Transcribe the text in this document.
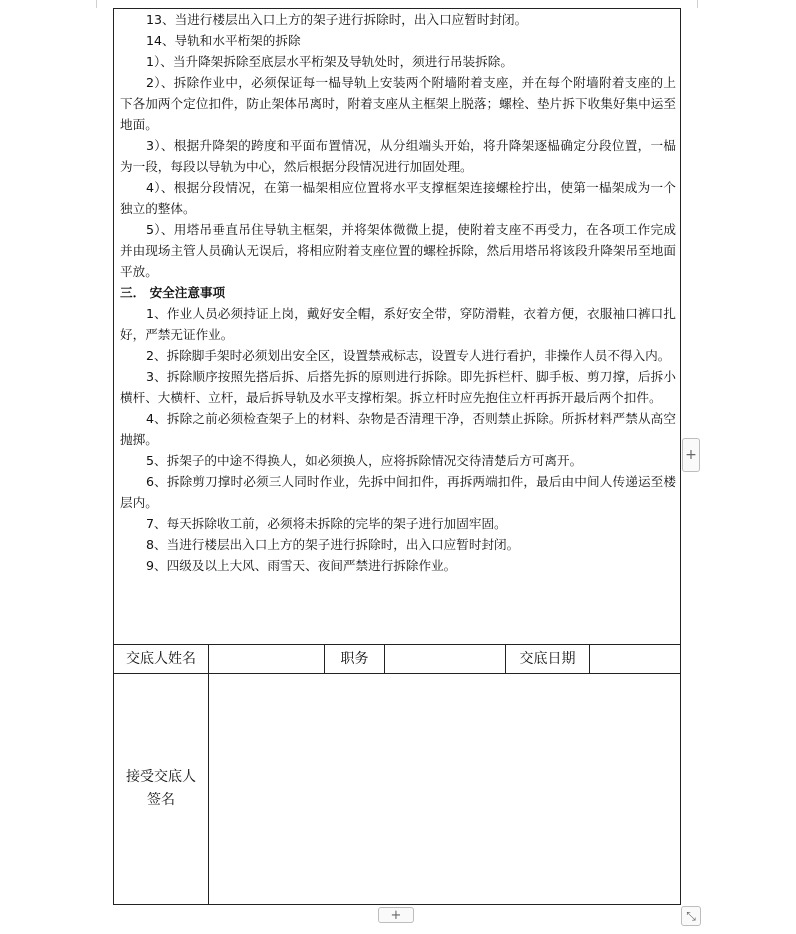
13、当进行楼层出入口上方的架子进行拆除时，出入口应暂时封闭。

14、导轨和水平桁架的拆除

1）、当升降架拆除至底层水平桁架及导轨处时，须进行吊装拆除。

2）、拆除作业中，必须保证每一榀导轨上安装两个附墙附着支座，并在每个附墙附着支座的上下各加两个定位扣件，防止架体吊离时，附着支座从主框架上脱落；螺栓、垫片拆下收集好集中运至地面。

3）、根据升降架的跨度和平面布置情况，从分组端头开始，将升降架逐榀确定分段位置，一榀为一段，每段以导轨为中心，然后根据分段情况进行加固处理。

4）、根据分段情况，在第一榀架相应位置将水平支撑框架连接螺栓拧出，使第一榀架成为一个独立的整体。

5）、用塔吊垂直吊住导轨主框架，并将架体微微上提，使附着支座不再受力，在各项工作完成并由现场主管人员确认无误后，将相应附着支座位置的螺栓拆除，然后用塔吊将该段升降架吊至地面平放。

三． 安全注意事项

1、作业人员必须持证上岗，戴好安全帽，系好安全带，穿防滑鞋，衣着方便，衣服袖口裤口扎好，严禁无证作业。

2、拆除脚手架时必须划出安全区，设置禁戒标志，设置专人进行看护，非操作人员不得入内。

3、拆除顺序按照先搭后拆、后搭先拆的原则进行拆除。即先拆栏杆、脚手板、剪刀撑，后拆小横杆、大横杆、立杆，最后拆导轨及水平支撑桁架。拆立杆时应先抱住立杆再拆开最后两个扣件。

4、拆除之前必须检查架子上的材料、杂物是否清理干净，否则禁止拆除。所拆材料严禁从高空抛掷。

5、拆架子的中途不得换人，如必须换人，应将拆除情况交待清楚后方可离开。

6、拆除剪刀撑时必须三人同时作业，先拆中间扣件，再拆两端扣件，最后由中间人传递运至楼层内。

7、每天拆除收工前，必须将未拆除的完毕的架子进行加固牢固。

8、当进行楼层出入口上方的架子进行拆除时，出入口应暂时封闭。

9、四级及以上大风、雨雪天、夜间严禁进行拆除作业。

交底人姓名	职务	交底日期
接受交底人
签名
+
+	⤡
